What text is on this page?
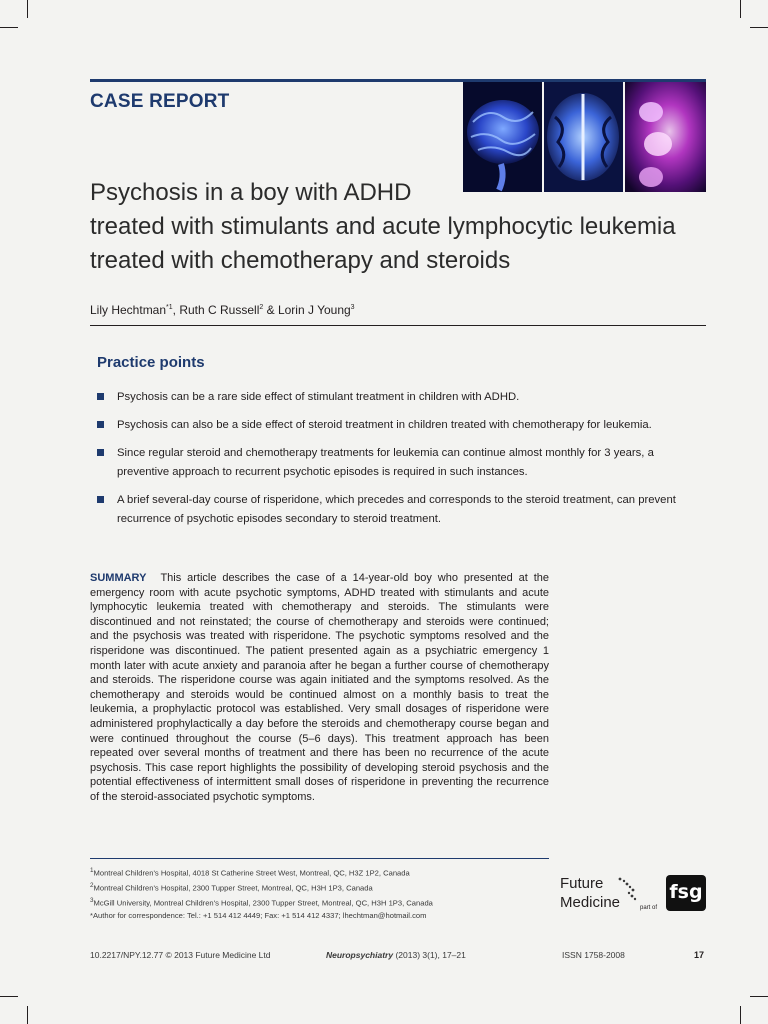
CASE REPORT
Psychosis in a boy with ADHD
treated with stimulants and acute lymphocytic leukemia
treated with chemotherapy and steroids
Lily Hechtman$^{*1}$, Ruth C Russell$^2$ & Lorin J Young$^3$
Practice points
Psychosis can be a rare side effect of stimulant treatment in children with ADHD.
Psychosis can also be a side effect of steroid treatment in children treated with chemotherapy for leukemia.
Since regular steroid and chemotherapy treatments for leukemia can continue almost monthly for 3 years, a preventive approach to recurrent psychotic episodes is required in such instances.
A brief several-day course of risperidone, which precedes and corresponds to the steroid treatment, can prevent recurrence of psychotic episodes secondary to steroid treatment.
SUMMARY This article describes the case of a 14-year-old boy who presented at the emergency room with acute psychotic symptoms, ADHD treated with stimulants and acute lymphocytic leukemia treated with chemotherapy and steroids. The stimulants were discontinued and not reinstated; the course of chemotherapy and steroids were continued; and the psychosis was treated with risperidone. The psychotic symptoms resolved and the risperidone was discontinued. The patient presented again as a psychiatric emergency 1 month later with acute anxiety and paranoia after he began a further course of chemotherapy and steroids. The risperidone course was again initiated and the symptoms resolved. As the chemotherapy and steroids would be continued almost on a monthly basis to treat the leukemia, a prophylactic protocol was established. Very small dosages of risperidone were administered prophylactically a day before the steroids and chemotherapy course began and were continued throughout the course (5–6 days). This treatment approach has been repeated over several months of treatment and there has been no recurrence of the acute psychosis. This case report highlights the possibility of developing steroid psychosis and the potential effectiveness of intermittent small doses of risperidone in preventing the recurrence of the steroid-associated psychotic symptoms.
$^1$Montreal Children's Hospital, 4018 St Catherine Street West, Montreal, QC, H3Z 1P2, Canada
$^2$Montreal Children's Hospital, 2300 Tupper Street, Montreal, QC, H3H 1P3, Canada
$^3$McGill University, Montreal Children's Hospital, 2300 Tupper Street, Montreal, QC, H3H 1P3, Canada
*Author for correspondence: Tel.: +1 514 412 4449; Fax: +1 514 412 4337; lhechtman@hotmail.com
Future
Medicine	part of
fsg
10.2217/NPY.12.77 © 2013 Future Medicine Ltd	Neuropsychiatry (2013) 3(1), 17–21	ISSN 1758-2008	17
